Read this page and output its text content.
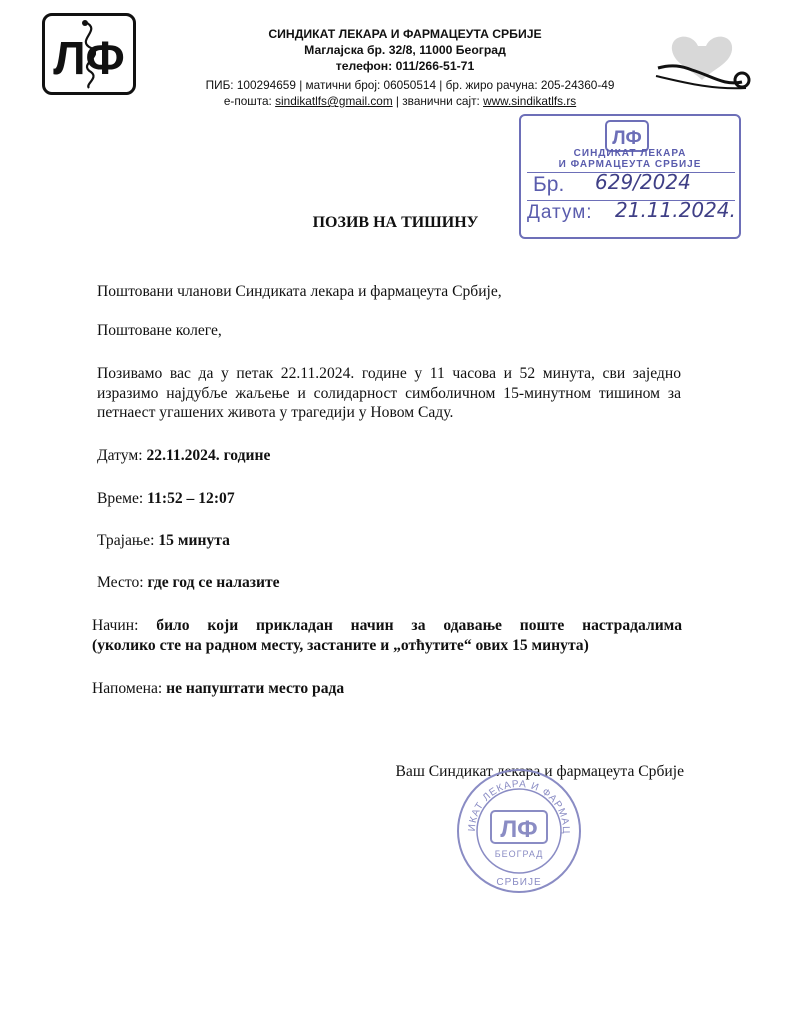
ЛФ	СИНДИКАТ ЛЕКАРА И ФАРМАЦЕУТА СРБИЈЕ
Маглајска бр. 32/8, 11000 Београд
телефон: 011/266-51-71
ПИБ: 100294659 | матични број: 06050514 | бр. жиро рачуна: 205-24360-49
е-пошта: sindikatlfs@gmail.com | званични сајт: www.sindikatlfs.rs
ЛФ
СИНДИКАТ ЛЕКАРА
И ФАРМАЦЕУТА СРБИЈЕ
Бр. 629/2024
Датум: 21.11.2024.
ПОЗИВ НА ТИШИНУ
Поштовани чланови Синдиката лекара и фармацеута Србије,
Поштоване колеге,
Позивамо вас да у петак 22.11.2024. године у 11 часова и 52 минута, сви заједно изразимо најдубље жаљење и солидарност симболичном 15-минутном тишином за петнаест угашених живота у трагедији у Новом Саду.
Датум: 22.11.2024. године
Време: 11:52 – 12:07
Трајање: 15 минута
Место: где год се налазите
Начин: било који прикладан начин за одавање поште настрадалима
(уколико сте на радном месту, застаните и „отћутите“ ових 15 минута)
Напомена: не напуштати место рада
Ваш Синдикат лекара и фармацеута Србије
ИКАТ ЛЕКАРА И ФАРМАЦ
СРБИЈЕ
ЛФ
БЕОГРАД
